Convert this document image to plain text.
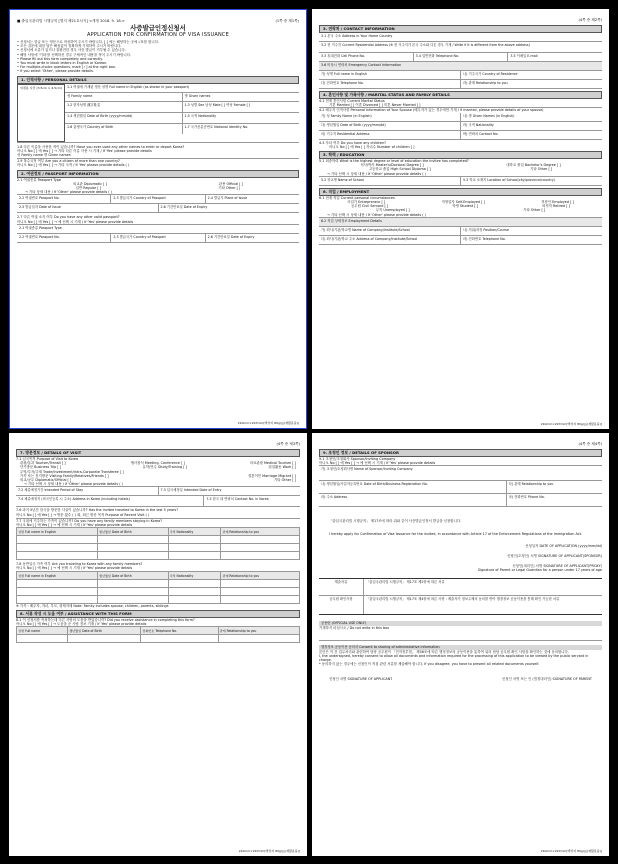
■ 출입국관리법 시행규칙 [별지 제21호서식] <개정 2018. 9. 18.>	(1쪽 중 제1쪽)
사증발급인정신청서
APPLICATION FOR CONFIRMATION OF VISA ISSUANCE
• 신청서는 한글 또는 영문으로 작성하여 주시기 바랍니다. [ ] 에는 해당하는 곳에 √표를 합니다.
• 모든 질문에 대한 답은 빠짐없이 정확하게 기재하여 주시기 바랍니다.
• 신청서에 오류가 있거나 불완전한 경우 사증 발급이 거부될 수 있습니다.
• 해당 사항에 '기타'를 선택하신 경우 구체적인 내용을 적어 주시기 바랍니다.
• Please fill out this form completely and correctly.
• You must write in block letters in English or Korean.
• For multiple-choice questions, mark [✓] at the right box.
• If you select 'Other', please provide details.
1. 인적사항 / PERSONAL DETAILS
여권용 사진 (3.5cm × 4.5cm)	1.1 여권에 기재된 영문 성명 Full name in English (as shown in your passport)
성 Family name	명 Given names
1.2 한자성명 漢字姓名	1.3 성별 Sex 남성 Male [ ] 여성 Female [ ]
1.4 생년월일 Date of Birth (yyyy/mm/dd)	1.5 국적 Nationality
1.6 출생국가 Country of Birth	1.7 국가신분증번호 National Identity No.
1.8 다른 이름을 사용한 적이 있습니까? Have you ever used any other names to enter or depart Korea?
아니오 No [ ] 예 Yes [ ] → 기타 다른 이름 사용 시 기재 / If 'Yes' please provide details
성 Family name 명 Given names
1.9 복수국적 여부 Are you a citizen of more than one country?
아니오 No [ ] 예 Yes [ ] → 기타 국적 / If 'Yes' please provide details ( )
2. 여권정보 / PASSPORT INFORMATION
2.1 여권종류 Passport Type
외교관 Diplomatic [ ]	관용 Official [ ]
일반 Regular [ ]	기타 Other [ ]
→ 기타 상세 내용 / If 'Other' please provide details ( )
2.2 여권번호 Passport No.	2.3 발급국가 Country of Passport	2.4 발급지 Place of Issue
2.5 발급일자 Date of Issue	2.6 기간만료일 Date of Expiry
2.7 다른 여권 소지 여부 Do you have any other valid passport?
아니오 No [ ] 예 Yes [ ] → 예 선택 시 기재 / If 'Yes' please provide details
2.1 여권종류 Passport Type
2.2 여권번호 Passport No.	2.3 발급국가 Country of Passport	2.6 기간만료일 Date of Expiry
210mm×297mm[백상지 80g/㎡(재활용품)]
(4쪽 중 제2쪽)
3. 연락처 / CONTACT INFORMATION
3.1 본국 주소 Address in Your Home Country
3.2 현 거주지 Current Residential Address (※ 현 거주지가 본국 주소와 다른 경우 기재 / Write if it is different from the above address)
3.3 휴대전화 Cell Phone No.	3.4 일반전화 Telephone No.	3.5 이메일 E-mail
3.6 비상시 연락처 Emergency Contact Information
가) 성명 Full name in English	나) 거주국가 Country of Residence
다) 전화번호 Telephone No.	라) 관계 Relationship to you
4. 혼인사항 및 가족사항 / MARITAL STATUS AND FAMILY DETAILS
4.1 현재 혼인사항 Current Marital Status
기혼 Married [ ] 이혼 Divorced [ ] 미혼 Never Married [ ]
4.2 배우자 인적사항 Personal Information of Your Spouse (배우자가 있는 경우에만 기재 / If married, please provide details of your spouse)
가) 성 Family Name (in English)	나) 명 Given Names (in English)
다) 생년월일 Date of Birth (yyyy/mm/dd)	라) 국적 Nationality
마) 거주지 Residential Address	바) 연락처 Contact No.
4.3 자녀 여부 Do you have any children?
아니오 No [ ] 예 Yes [ ] 자녀수 Number of children [ ]
5. 학력 / EDUCATION
5.1 최종학력 What is the highest degree or level of education the invitee has completed?
석사/박사 Master's/Doctoral Degree [ ]	대학교 졸업 Bachelor's Degree [ ]
고등학교 졸업 High School Diploma [ ]	기타 Other [ ]
→ 기타 선택 시 상세 내용 / If 'Other' please provide details ( )
5.2 학교명 Name of School	5.3 학교 소재지 Location of School(city/province/country)
6. 직업 / EMPLOYMENT
6.1 현재 직업 Current personal circumstances
사업가 Entrepreneur [ ]	자영업자 Self-Employed [ ]	직장인 Employed [ ]
공무원 Civil Servant [ ]	학생 Student [ ]	퇴직자 Retired [ ]
무직 Unemployed [ ]	기타 Other [ ]
→ 기타 선택 시 상세 내용 / If 'Other' please provide details ( )
6.2 직업 상세정보 Employment Details
가) 회사/기관/학교명 Name of Company/Institute/School	나) 직위/과정 Position/Course
다) 회사/기관/학교 주소 Address of Company/Institute/School	라) 전화번호 Telephone No.
210mm×297mm[백상지 80g/㎡(재활용품)]
(4쪽 중 제3쪽)
7. 방문정보 / DETAILS OF VISIT
7.1 입국목적 Purpose of Visit to Korea
관광/통과 Tourism/Transit [ ]	행사참석 Meeting, Conference [ ]	의료관광 Medical Tourism [ ]
단기방문 Business Trip [ ]	유학/연수 Study/Training [ ]	취업활동 Work [ ]
무역/투자/주재 Trade/Investment/Intra-Corporate Transferee [ ]
가족 또는 친지방문 Visiting Family/Relatives/Friends [ ]	결혼이민 Marriage Migrant [ ]
외교/공무 Diplomatic/Official [ ]	기타 Other [ ]
→ 기타 선택 시 상세 내용 / If 'Other' please provide details ( )
7.2 체류예정기간 Intended Period of Stay	7.3 입국예정일 Intended Date of Entry
7.4 체류예정지 (외국인등록 시 주소) Address in Korea (including hotels)	7.5 한국 내 연락처 Contact No. in Korea
7.6 과거 5년간 한국을 방문한 사실이 있습니까? Has the invitee traveled to Korea in the last 5 years?
아니오 No [ ] 예 Yes [ ] → 방문 횟수 ( ) 회, 최근 방문 목적 Purpose of Recent Visit ( )
7.7 국내에 거주하는 가족이 있습니까? Do you have any family members staying in Korea?
아니오 No [ ] 예 Yes [ ] → 예 선택 시 기재 / If 'Yes' please provide details
성명 Full name in English	생년월일 Date of Birth	국적 Nationality	관계 Relationship to you

7.8 동반입국 가족 여부 Are you traveling to Korea with any family members?
아니오 No [ ] 예 Yes [ ] → 예 선택 시 기재 / If 'Yes' please provide details
성명 Full name in English	생년월일 Date of Birth	국적 Nationality	관계 Relationship to you

※ 가족 : 배우자, 자녀, 부모, 형제자매 Note: Family includes spouse, children, parents, siblings
8. 서류 작성 시 도움 여부 / ASSISTANCE WITH THIS FORM
8.1 이 신청서를 작성하는데 다른 사람의 도움을 받았습니까? Did you receive assistance in completing this form?
아니오 No [ ] 예 Yes [ ] → 도움을 준 사람 정보 기재 / If 'Yes' please provide details
성명 Full name	생년월일 Date of Birth	전화번호 Telephone No.	관계 Relationship to you

210mm×297mm[백상지 80g/㎡(재활용품)]
(4쪽 중 제4쪽)
9. 초청인 정보 / DETAILS OF SPONSOR
9.1 초청인/초청회사 Sponsor/Inviting Company
아니오 No [ ] 예 Yes [ ] → 예 선택 시 기재 / If 'Yes' please provide details
가) 초청인/초청회사명 Name of Sponsor/Inviting Company
나) 생년월일/사업자등록번호 Date of Birth/Business Registration No.	다) 관계 Relationship to you
라) 주소 Address	마) 전화번호 Phone No.
「출입국관리법 시행규칙」 제17조에 따라 위와 같이 사증발급인정서 발급을 신청합니다.
I hereby apply for Confirmation of Visa Issuance for the invitee, in accordance with Article 17 of the Enforcement Regulations of the Immigration Act.
신청일자 DATE OF APPLICATION (yyyy/mm/dd)
신청인(초청인) 서명 SIGNATURE OF APPLICANT(SPONSOR)
신청인(대리인) 서명 SIGNATURE OF APPLICANT(PROXY)
Signature of Parent or Legal Guardian for a person under 17 years of age
제출서류	「출입국관리법 시행규칙」 제17조 제2항에 따른 서류
공무원 확인사항	「출입국관리법 시행규칙」 제17조 제4항에 따른 사항 : 제출자가 정보주체의 동의를 받아 행정정보 공동이용을 통해 확인 가능한 서류
공용란 (OFFICIAL USE ONLY)
기재하지 마십시오 / Do not write in this box
행정정보 공동이용 동의서 Consent to sharing of administrative information
본인은 이 건 업무처리와 관련하여 담당 공무원이 「전자정부법」 제36조에 따른 행정정보의 공동이용을 통하여 위의 담당 공무원 확인 사항을 확인하는 것에 동의합니다.
I, the undersigned, hereby consent to allow all documents and information required for the processing of this application to be viewed by the public servant in charge.
* 동의하지 않는 경우에는 신청인이 직접 관련 서류를 제출해야 합니다. If you disagree, you have to present all related documents yourself.
신청인 서명 SIGNATURE OF APPLICANT	신청인 서명 또는 인 (법정대리인) SIGNATURE OF PARENT
210mm×297mm[백상지 80g/㎡(재활용품)]
